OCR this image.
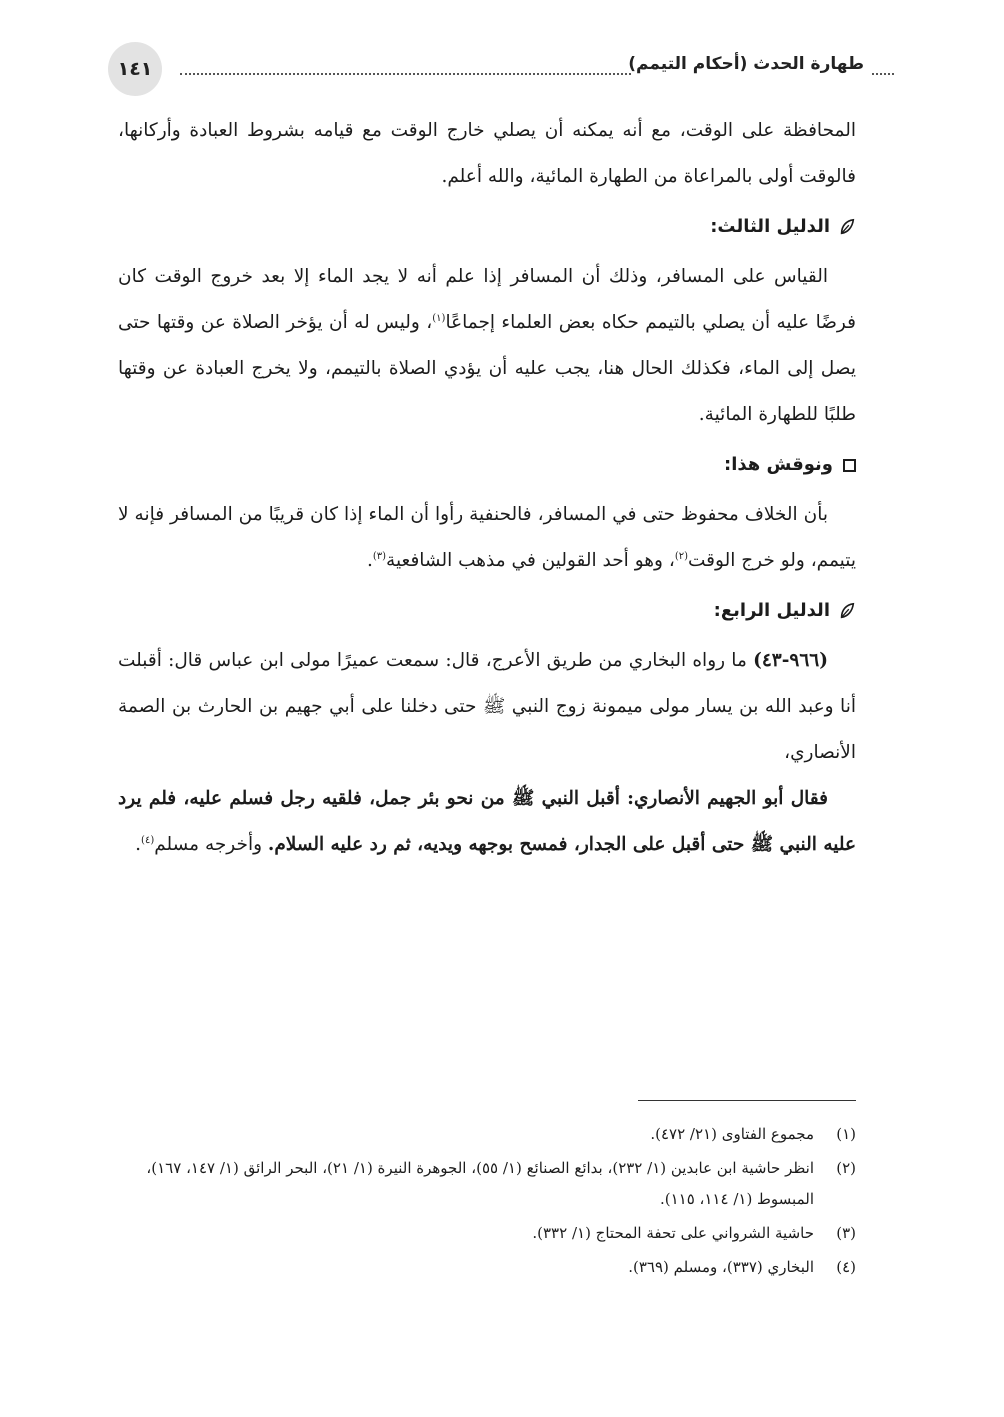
١٤١	طهارة الحدث (أحكام التيمم)

المحافظة على الوقت، مع أنه يمكنه أن يصلي خارج الوقت مع قيامه بشروط العبادة وأركانها، فالوقت أولى بالمراعاة من الطهارة المائية، والله أعلم.

الدليل الثالث:

القياس على المسافر، وذلك أن المسافر إذا علم أنه لا يجد الماء إلا بعد خروج الوقت كان فرضًا عليه أن يصلي بالتيمم حكاه بعض العلماء إجماعًا$^{(١)}$، وليس له أن يؤخر الصلاة عن وقتها حتى يصل إلى الماء، فكذلك الحال هنا، يجب عليه أن يؤدي الصلاة بالتيمم، ولا يخرج العبادة عن وقتها طلبًا للطهارة المائية.

ونوقش هذا:

بأن الخلاف محفوظ حتى في المسافر، فالحنفية رأوا أن الماء إذا كان قريبًا من المسافر فإنه لا يتيمم، ولو خرج الوقت$^{(٢)}$، وهو أحد القولين في مذهب الشافعية$^{(٣)}$.

الدليل الرابع:

(٩٦٦-٤٣) ما رواه البخاري من طريق الأعرج، قال: سمعت عميرًا مولى ابن عباس قال: أقبلت أنا وعبد الله بن يسار مولى ميمونة زوج النبي ﷺ حتى دخلنا على أبي جهيم بن الحارث بن الصمة الأنصاري،

فقال أبو الجهيم الأنصاري: أقبل النبي ﷺ من نحو بئر جمل، فلقيه رجل فسلم عليه، فلم يرد عليه النبي ﷺ حتى أقبل على الجدار، فمسح بوجهه ويديه، ثم رد عليه السلام. وأخرجه مسلم$^{(٤)}$.

(١)
مجموع الفتاوى (٢١/ ٤٧٢).
(٢)
انظر حاشية ابن عابدين (١/ ٢٣٢)، بدائع الصنائع (١/ ٥٥)، الجوهرة النيرة (١/ ٢١)، البحر الرائق (١/ ١٤٧، ١٦٧)، المبسوط (١/ ١١٤، ١١٥).
(٣)
حاشية الشرواني على تحفة المحتاج (١/ ٣٣٢).
(٤)
البخاري (٣٣٧)، ومسلم (٣٦٩).
